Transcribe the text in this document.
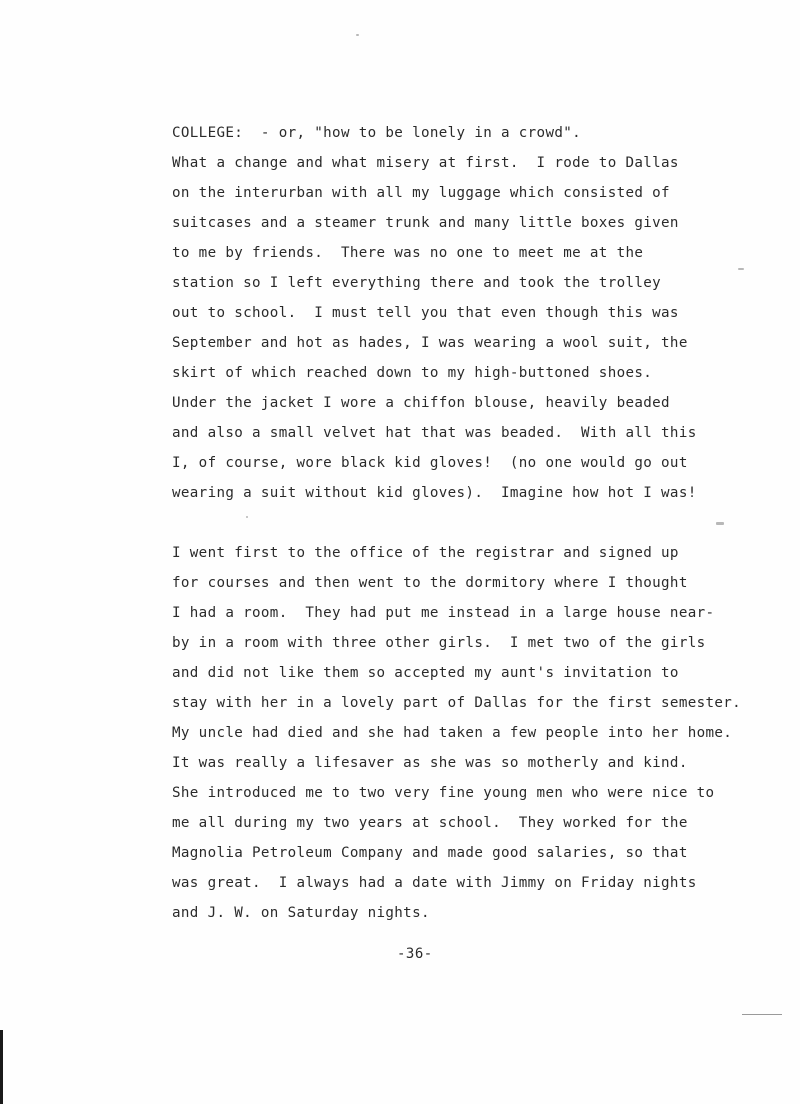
COLLEGE:  - or, "how to be lonely in a crowd".
What a change and what misery at first.  I rode to Dallas
on the interurban with all my luggage which consisted of
suitcases and a steamer trunk and many little boxes given
to me by friends.  There was no one to meet me at the
station so I left everything there and took the trolley
out to school.  I must tell you that even though this was
September and hot as hades, I was wearing a wool suit, the
skirt of which reached down to my high-buttoned shoes.
Under the jacket I wore a chiffon blouse, heavily beaded
and also a small velvet hat that was beaded.  With all this
I, of course, wore black kid gloves!  (no one would go out
wearing a suit without kid gloves).  Imagine how hot I was!
I went first to the office of the registrar and signed up
for courses and then went to the dormitory where I thought
I had a room.  They had put me instead in a large house near-
by in a room with three other girls.  I met two of the girls
and did not like them so accepted my aunt's invitation to
stay with her in a lovely part of Dallas for the first semester.
My uncle had died and she had taken a few people into her home.
It was really a lifesaver as she was so motherly and kind.
She introduced me to two very fine young men who were nice to
me all during my two years at school.  They worked for the
Magnolia Petroleum Company and made good salaries, so that
was great.  I always had a date with Jimmy on Friday nights
and J. W. on Saturday nights.
-36-
